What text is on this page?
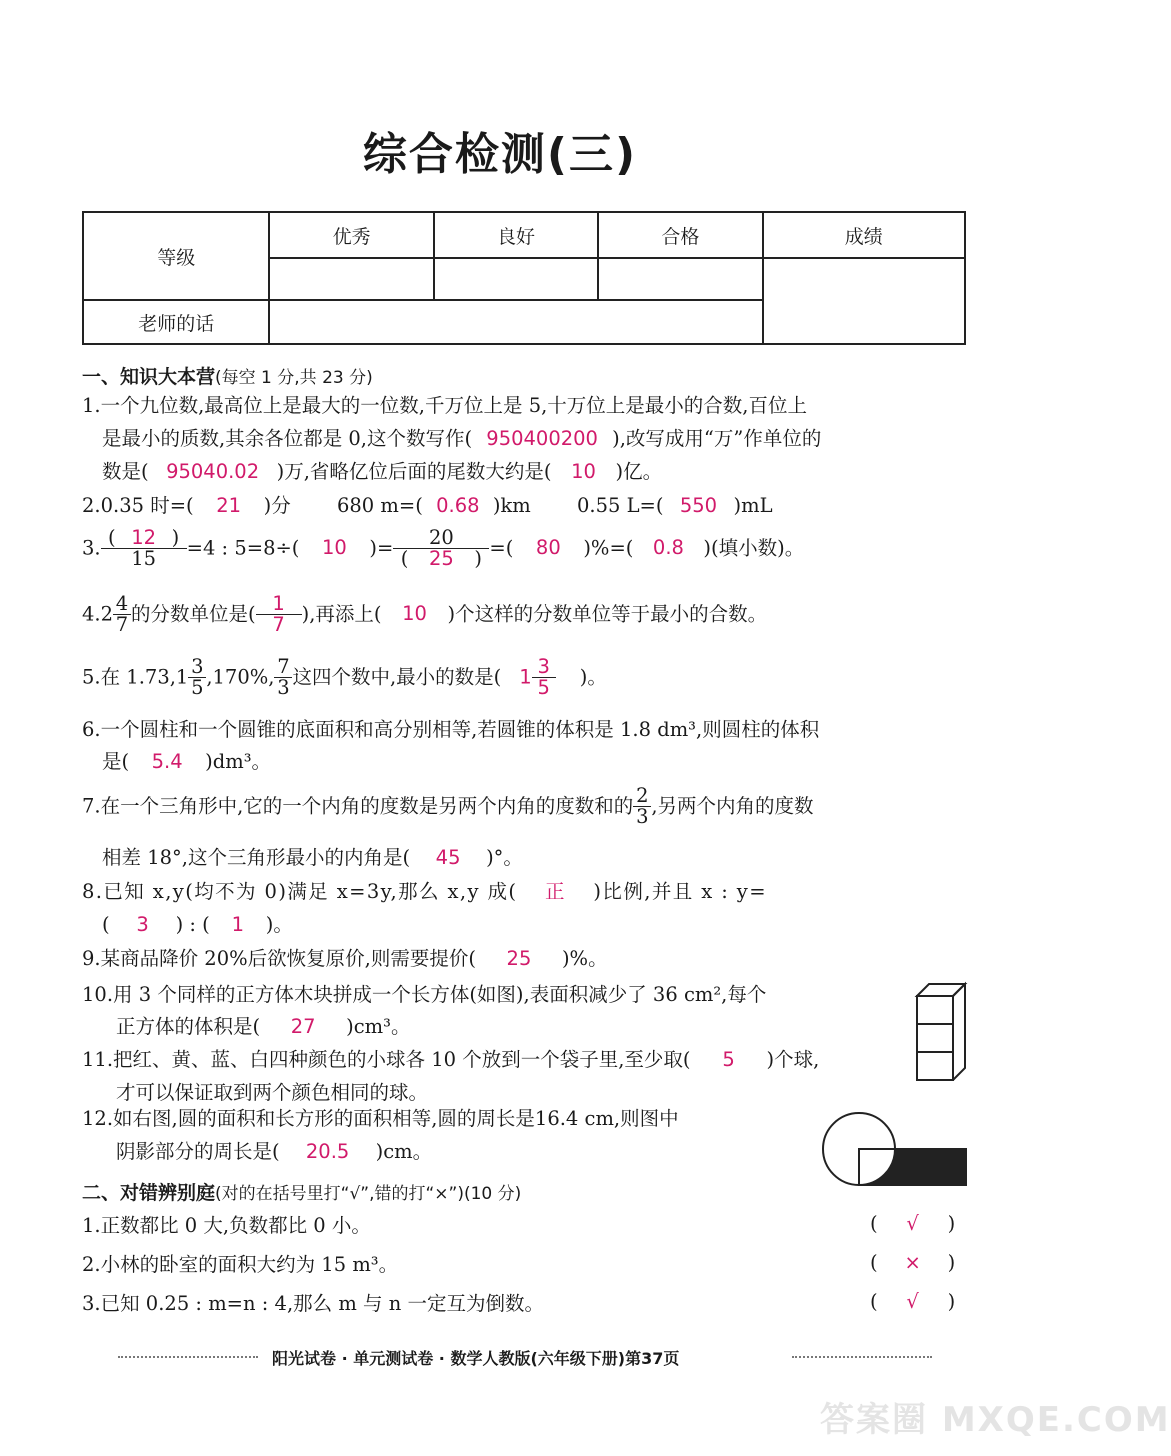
综合检测(三)
等级	优秀	良好	合格	成绩

老师的话				
一、知识大本营(每空 1 分,共 23 分)
1.一个九位数,最高位上是最大的一位数,千万位上是 5,十万位上是最小的合数,百位上
是最小的质数,其余各位都是 0,这个数写作( 950400200 ),改写成用“万”作单位的
数是( 95040.02 )万,省略亿位后面的尾数大约是( 10 )亿。
2.0.35 时=( 21 )分 680 m=( 0.68 )km 0.55 L=( 550 )mL
3. $\frac{( 12 )}{15} =4$ : 5=8÷( 10 )= $\frac{20}{( 25 )}$ =( 80 )%=( 0.8 )(填小数)。
$4.2 \frac{4}{7}$ 的分数单位是( $\frac{1}{7}$ ),再添上( 10 )个这样的分数单位等于最小的合数。
5.在 $1.73,1 \frac{3}{5} ,170\%$, $\frac{7}{3}$ 这四个数中,最小的数是( $1 \frac{3}{5}$ )。
6.一个圆柱和一个圆锥的底面积和高分别相等,若圆锥的体积是 1.8 dm³,则圆柱的体积
是( 5.4 )dm³。
7.在一个三角形中,它的一个内角的度数是另两个内角的度数和的 $\frac{2}{3}$ ,另两个内角的度数
相差 18°,这个三角形最小的内角是( 45 )°。
8.已知 x,y(均不为 0)满足 x=3y,那么 x,y 成( 正 )比例,并且 x : y=
( 3 ) : ( 1 )。
9.某商品降价 20%后欲恢复原价,则需要提价( 25 )%。
10.用 3 个同样的正方体木块拼成一个长方体(如图),表面积减少了 36 cm²,每个
正方体的体积是( 27 )cm³。
11.把红、黄、蓝、白四种颜色的小球各 10 个放到一个袋子里,至少取( 5 )个球,
才可以保证取到两个颜色相同的球。
12.如右图,圆的面积和长方形的面积相等,圆的周长是16.4 cm,则图中
阴影部分的周长是( 20.5 )cm。
二、对错辨别庭(对的在括号里打“√”,错的打“×”)(10 分)
1.正数都比 0 大,负数都比 0 小。	( √ )
2.小林的卧室的面积大约为 15 m³。	( × )
3.已知 0.25 : m=n : 4,那么 m 与 n 一定互为倒数。	( √ )
阳光试卷 · 单元测试卷 · 数学人教版(六年级下册)第37页
答案圈 MXQE.COM
